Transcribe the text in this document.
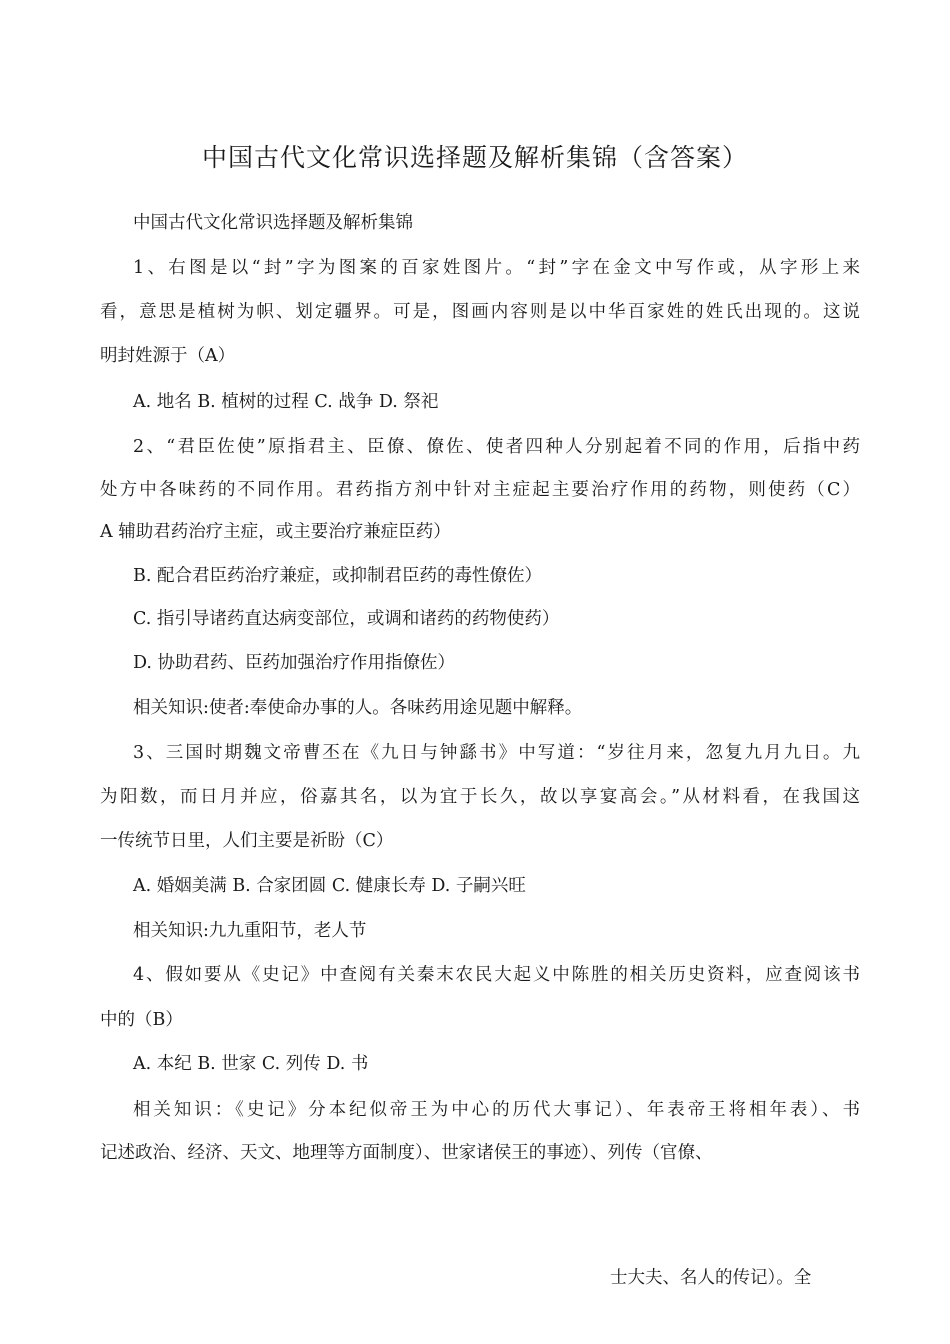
中国古代文化常识选择题及解析集锦（含答案）

中国古代文化常识选择题及解析集锦

1、右图是以“封”字为图案的百家姓图片。“封”字在金文中写作或，从字形上来

看，意思是植树为帜、划定疆界。可是，图画内容则是以中华百家姓的姓氏出现的。这说

明封姓源于（A）

A. 地名 B. 植树的过程 C. 战争 D. 祭祀

2、“君臣佐使”原指君主、臣僚、僚佐、使者四种人分别起着不同的作用，后指中药

处方中各味药的不同作用。君药指方剂中针对主症起主要治疗作用的药物，则使药（C）

A 辅助君药治疗主症，或主要治疗兼症臣药）

B. 配合君臣药治疗兼症，或抑制君臣药的毒性僚佐）

C. 指引导诸药直达病变部位，或调和诸药的药物使药）

D. 协助君药、臣药加强治疗作用指僚佐）

相关知识:使者:奉使命办事的人。各味药用途见题中解释。

3、三国时期魏文帝曹丕在《九日与钟繇书》中写道：“岁往月来，忽复九月九日。九

为阳数，而日月并应，俗嘉其名，以为宜于长久，故以享宴高会。”从材料看，在我国这

一传统节日里，人们主要是祈盼（C）

A. 婚姻美满 B. 合家团圆 C. 健康长寿 D. 子嗣兴旺

相关知识:九九重阳节，老人节

4、假如要从《史记》中查阅有关秦末农民大起义中陈胜的相关历史资料，应查阅该书

中的（B）

A. 本纪 B. 世家 C. 列传 D. 书

相关知识：《史记》分本纪似帝王为中心的历代大事记）、年表帝王将相年表）、书

记述政治、经济、天文、地理等方面制度）、世家诸侯王的事迹）、列传（官僚、

士大夫、名人的传记）。全
